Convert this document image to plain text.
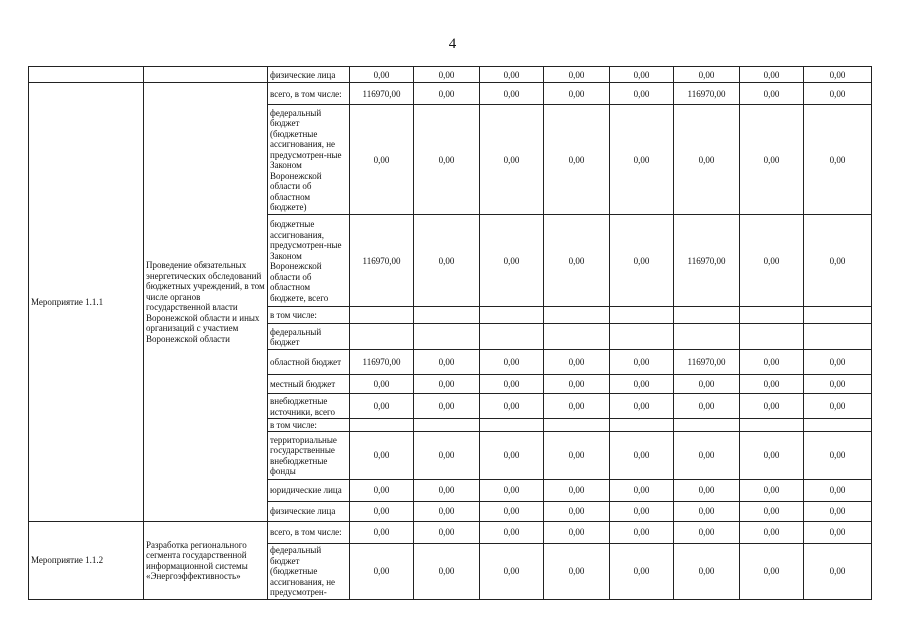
4
		физические лица	0,00	0,00	0,00	0,00	0,00	0,00	0,00	0,00
Мероприятие 1.1.1	Проведение обязательных энергетических обследований бюджетных учреждений, в том числе органов государственной власти Воронежской области и иных организаций с участием Воронежской области	всего, в том числе:	116970,00	0,00	0,00	0,00	0,00	116970,00	0,00	0,00
		федеральный бюджет (бюджетные ассигнования, не предусмотрен-ные Законом Воронежской области об областном бюджете)	0,00	0,00	0,00	0,00	0,00	0,00	0,00	0,00
		бюджетные ассигнования, предусмотрен-ные Законом Воронежской области об областном бюджете, всего	116970,00	0,00	0,00	0,00	0,00	116970,00	0,00	0,00
		в том числе:								
		федеральный бюджет								
		областной бюджет	116970,00	0,00	0,00	0,00	0,00	116970,00	0,00	0,00
		местный бюджет	0,00	0,00	0,00	0,00	0,00	0,00	0,00	0,00
		внебюджетные источники, всего	0,00	0,00	0,00	0,00	0,00	0,00	0,00	0,00
		в том числе:								
		территориальные государственные внебюджетные фонды	0,00	0,00	0,00	0,00	0,00	0,00	0,00	0,00
		юридические лица	0,00	0,00	0,00	0,00	0,00	0,00	0,00	0,00
		физические лица	0,00	0,00	0,00	0,00	0,00	0,00	0,00	0,00
Мероприятие 1.1.2	Разработка регионального сегмента государственной информационной системы «Энергоэффективность»	всего, в том числе:	0,00	0,00	0,00	0,00	0,00	0,00	0,00	0,00
		федеральный бюджет (бюджетные ассигнования, не предусмотрен-	0,00	0,00	0,00	0,00	0,00	0,00	0,00	0,00
